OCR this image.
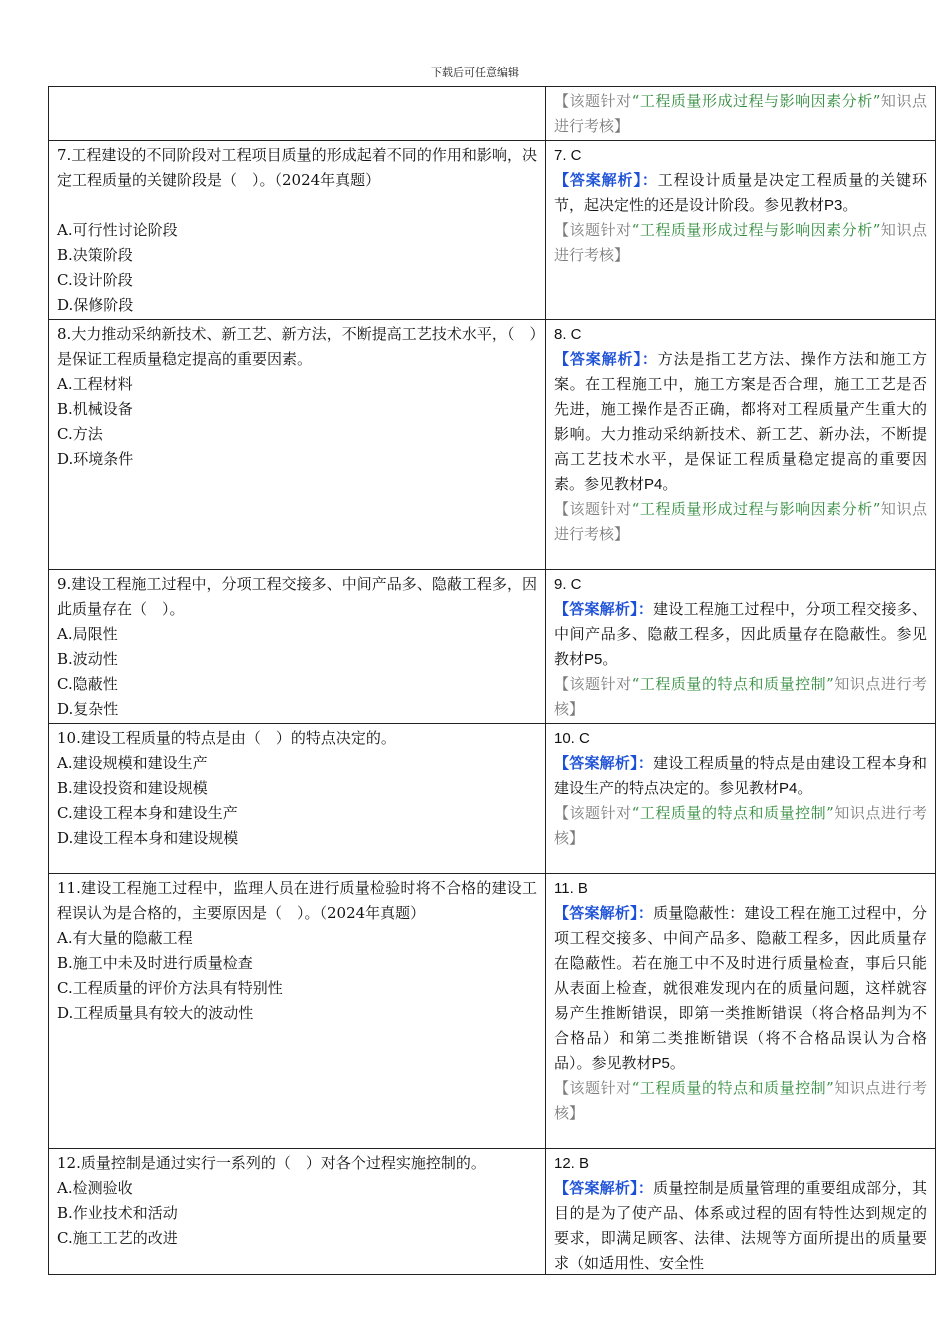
下载后可任意编辑
	【该题针对“工程质量形成过程与影响因素分析”知识点进行考核】

7.工程建设的不同阶段对工程项目质量的形成起着不同的作用和影响，决定工程质量的关键阶段是（　）。（2024年真题）
A.可行性讨论阶段
B.决策阶段
C.设计阶段
D.保修阶段	7. C
【答案解析】：工程设计质量是决定工程质量的关键环节，起决定性的还是设计阶段。参见教材P3。
【该题针对“工程质量形成过程与影响因素分析”知识点进行考核】

8.大力推动采纳新技术、新工艺、新方法，不断提高工艺技术水平，（　）是保证工程质量稳定提高的重要因素。
A.工程材料
B.机械设备
C.方法
D.环境条件	8. C
【答案解析】：方法是指工艺方法、操作方法和施工方案。在工程施工中，施工方案是否合理，施工工艺是否先进，施工操作是否正确，都将对工程质量产生重大的影响。大力推动采纳新技术、新工艺、新办法，不断提高工艺技术水平，是保证工程质量稳定提高的重要因素。参见教材P4。
【该题针对“工程质量形成过程与影响因素分析”知识点进行考核】

9.建设工程施工过程中，分项工程交接多、中间产品多、隐蔽工程多，因此质量存在（　）。
A.局限性
B.波动性
C.隐蔽性
D.复杂性	9. C
【答案解析】：建设工程施工过程中，分项工程交接多、中间产品多、隐蔽工程多，因此质量存在隐蔽性。参见教材P5。
【该题针对“工程质量的特点和质量控制”知识点进行考核】

10.建设工程质量的特点是由（　）的特点决定的。
A.建设规模和建设生产
B.建设投资和建设规模
C.建设工程本身和建设生产
D.建设工程本身和建设规模	10. C
【答案解析】：建设工程质量的特点是由建设工程本身和建设生产的特点决定的。参见教材P4。
【该题针对“工程质量的特点和质量控制”知识点进行考核】

11.建设工程施工过程中，监理人员在进行质量检验时将不合格的建设工程误认为是合格的，主要原因是（　）。（2024年真题）
A.有大量的隐蔽工程
B.施工中未及时进行质量检查
C.工程质量的评价方法具有特别性
D.工程质量具有较大的波动性	11. B
【答案解析】：质量隐蔽性：建设工程在施工过程中，分项工程交接多、中间产品多、隐蔽工程多，因此质量存在隐蔽性。若在施工中不及时进行质量检查，事后只能从表面上检查，就很难发现内在的质量问题，这样就容易产生推断错误，即第一类推断错误（将合格品判为不合格品）和第二类推断错误（将不合格品误认为合格品）。参见教材P5。
【该题针对“工程质量的特点和质量控制”知识点进行考核】

12.质量控制是通过实行一系列的（　）对各个过程实施控制的。
A.检测验收
B.作业技术和活动
C.施工工艺的改进	12. B
【答案解析】：质量控制是质量管理的重要组成部分，其目的是为了使产品、体系或过程的固有特性达到规定的要求，即满足顾客、法律、法规等方面所提出的质量要求（如适用性、安全性
